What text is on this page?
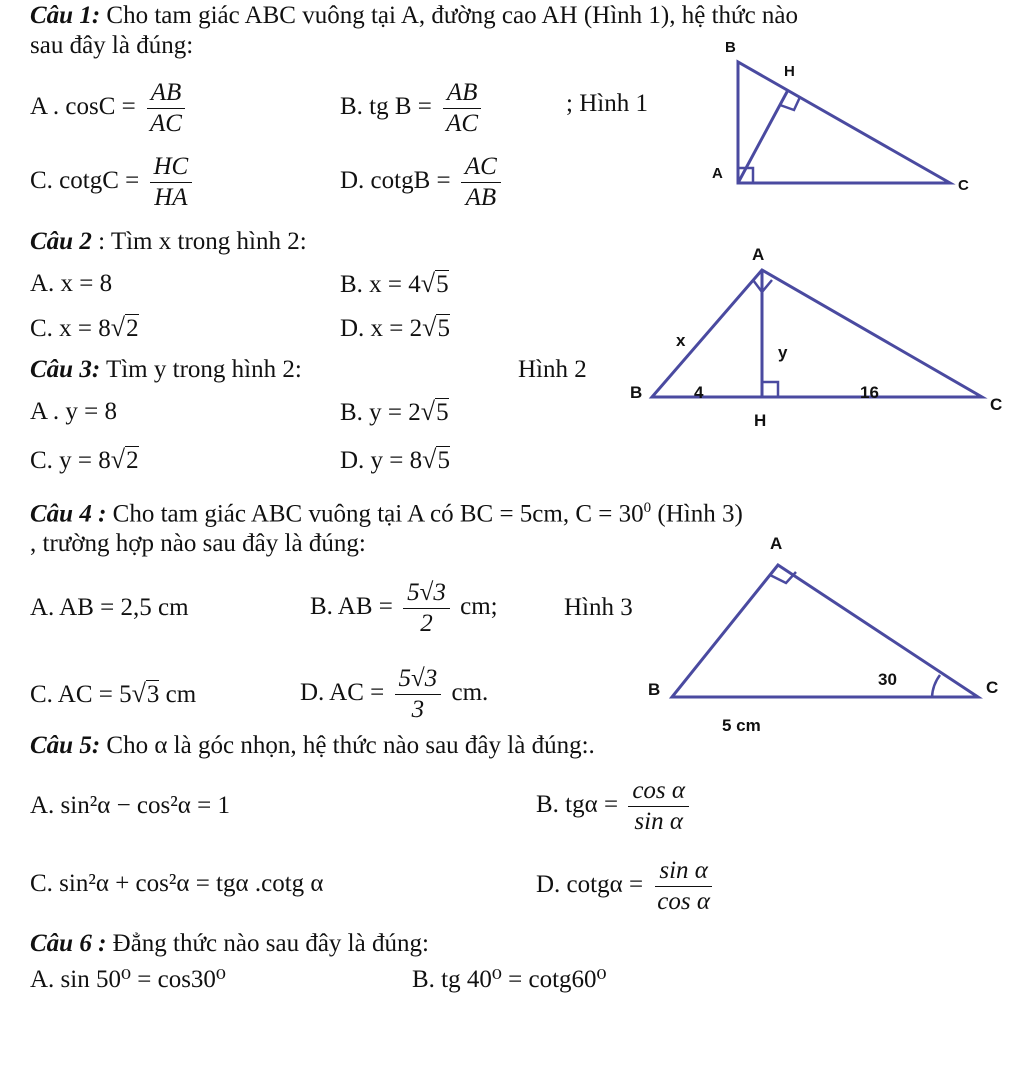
Câu 1: Cho tam giác ABC vuông tại A, đường cao AH (Hình 1), hệ thức nào
sau đây là đúng:
A . $\cos C = \frac{AB}{AC}$	B. tg $B = \frac{AB}{AC}$	; Hình 1
C. cotgC = $\frac{HC}{HA}$	D. cotgB = $\frac{AC}{AB}$
B
H
A
C
Câu 2 : Tìm x trong hình 2:
A. x = 8	B. x = 4√5
C. x = 8√2	D. x = 2√5
Câu 3: Tìm y trong hình 2:	Hình 2
A . y = 8	B. y = 2√5
C. y = 8√2	D. y = 8√5
A
B
C
H
x
y
4	16
Câu 4 : Cho tam giác ABC vuông tại A có BC = 5cm, $C = 30^0$ (Hình 3)
, trường hợp nào sau đây là đúng:
A. AB = 2,5 cm	B. AB = $\frac{5√3}{2}$ cm;	Hình 3
C. AC = 5√3 cm	D. AC = $\frac{5√3}{3}$ cm.
A
B	C
30
5 cm
Câu 5: Cho α là góc nhọn, hệ thức nào sau đây là đúng:.
A. sin²α − cos²α = 1	B. $tg\alpha = \frac{\text{cos α}}{\text{sin α}}$
C. sin²α + cos²α = tgα .cotg α	D. $\cot g\alpha = \frac{\text{sin α}}{\text{cos α}}$
Câu 6 : Đẳng thức nào sau đây là đúng:
A. sin 50⁰ = cos30⁰	B. tg 40⁰ = cotg60⁰
